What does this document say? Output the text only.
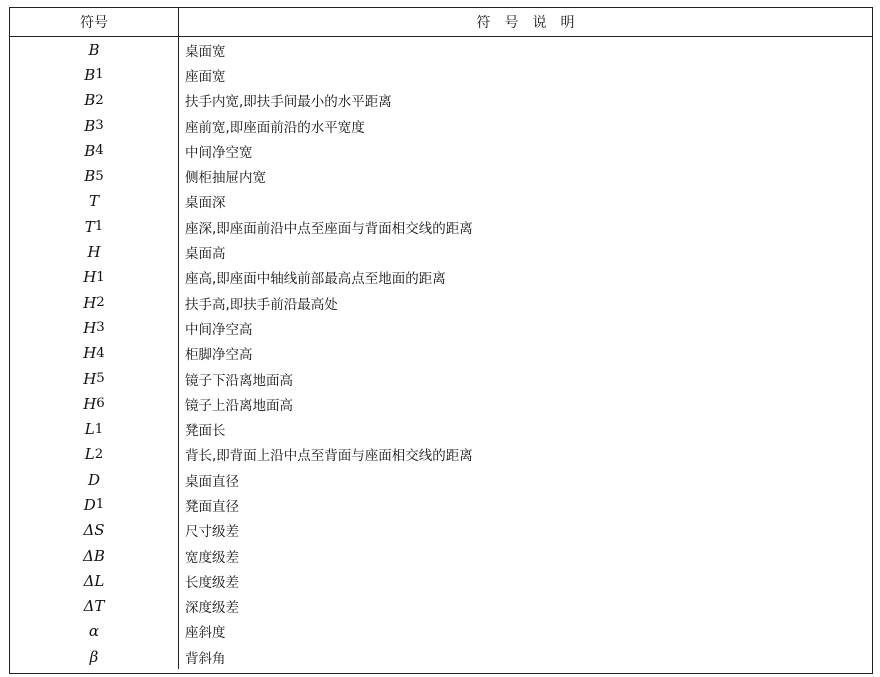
符号	符号说明
B	桌面宽
B 1	座面宽
B 2	扶手内宽,即扶手间最小的水平距离
B 3	座前宽,即座面前沿的水平宽度
B 4	中间净空宽
B 5	侧柜抽屉内宽
T	桌面深
T 1	座深,即座面前沿中点至座面与背面相交线的距离
H	桌面高
H 1	座高,即座面中轴线前部最高点至地面的距离
H 2	扶手高,即扶手前沿最高处
H 3	中间净空高
H 4	柜脚净空高
H 5	镜子下沿离地面高
H 6	镜子上沿离地面高
L 1	凳面长
L 2	背长,即背面上沿中点至背面与座面相交线的距离
D	桌面直径
D 1	凳面直径
ΔS	尺寸级差
ΔB	宽度级差
ΔL	长度级差
ΔT	深度级差
α	座斜度
β	背斜角
